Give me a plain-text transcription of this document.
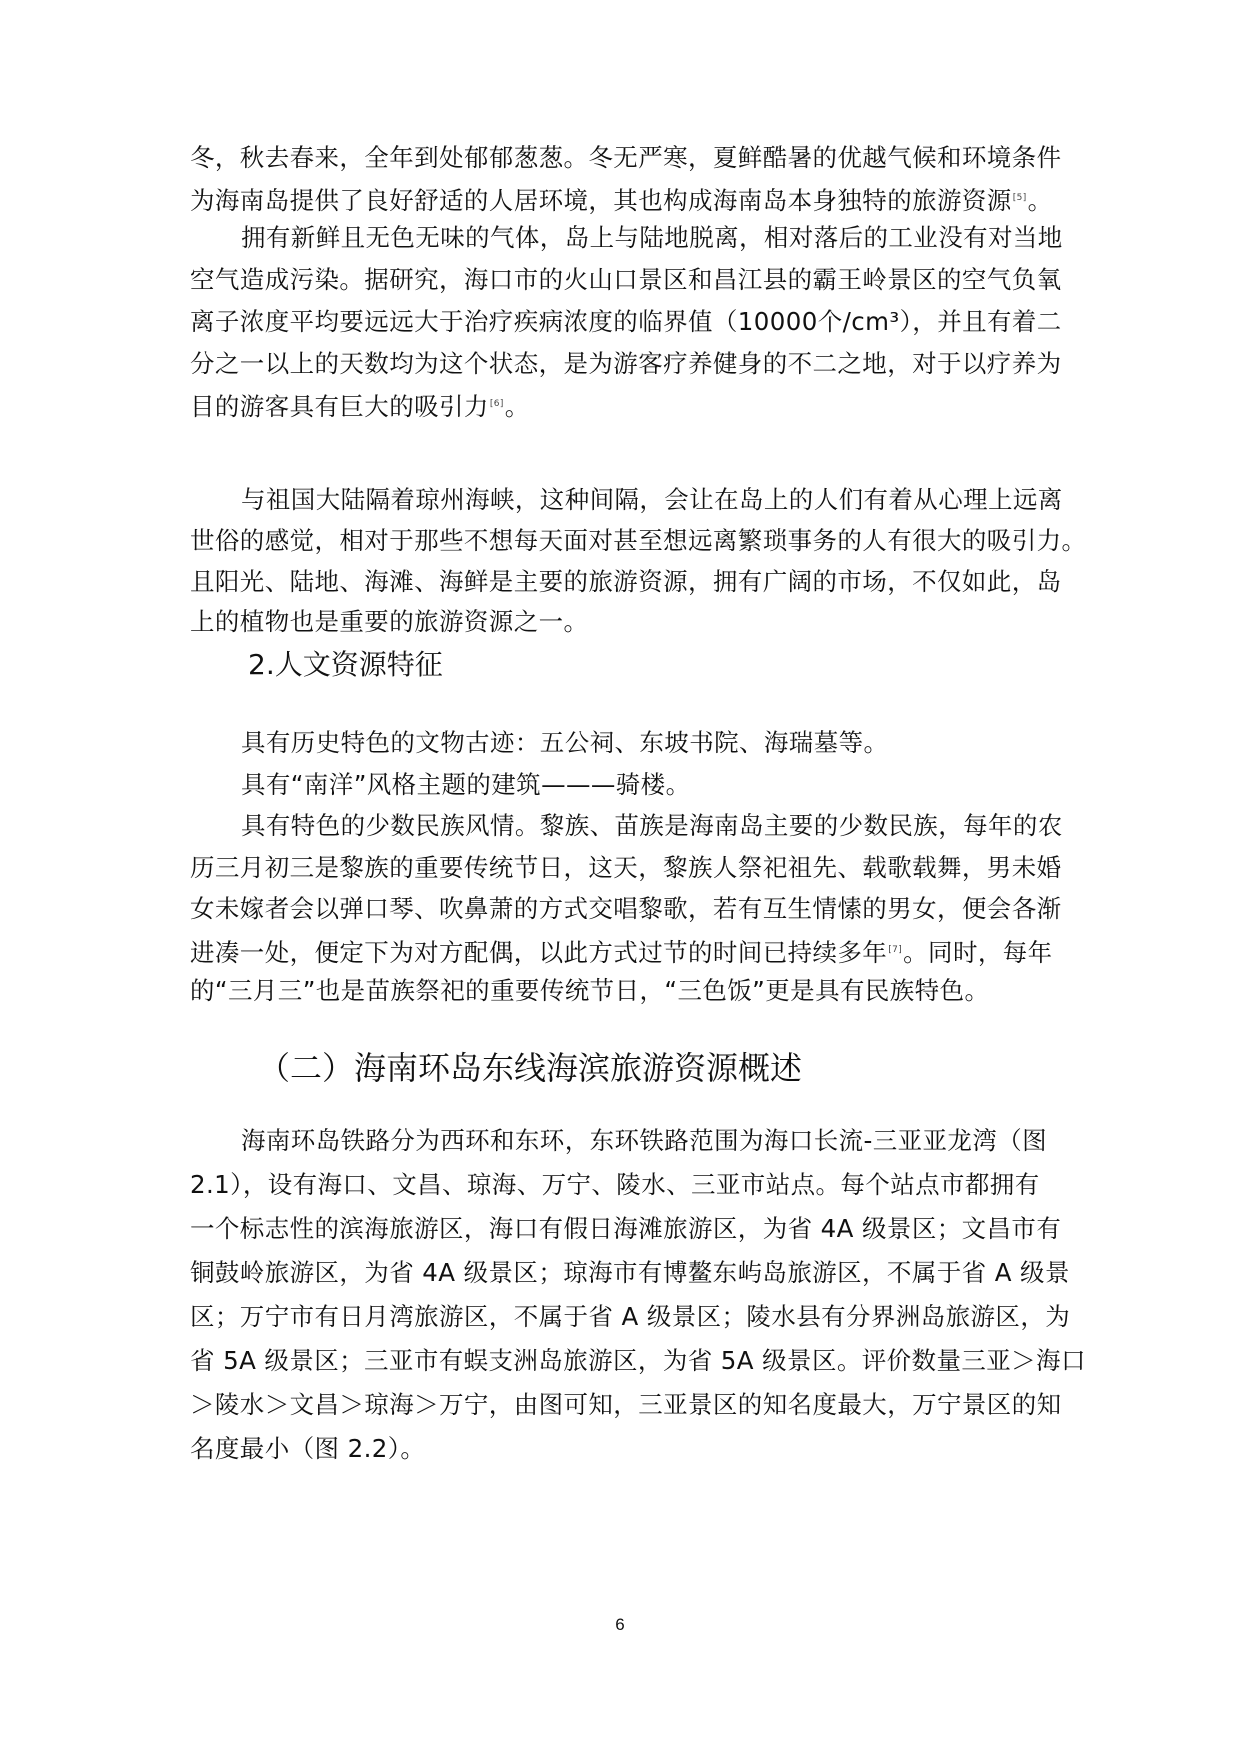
冬，秋去春来，全年到处郁郁葱葱。冬无严寒，夏鲜酷暑的优越气候和环境条件
为海南岛提供了良好舒适的人居环境，其也构成海南岛本身独特的旅游资源[5]。
拥有新鲜且无色无味的气体，岛上与陆地脱离，相对落后的工业没有对当地
空气造成污染。据研究，海口市的火山口景区和昌江县的霸王岭景区的空气负氧
离子浓度平均要远远大于治疗疾病浓度的临界值（10000个/cm³），并且有着二
分之一以上的天数均为这个状态，是为游客疗养健身的不二之地，对于以疗养为
目的游客具有巨大的吸引力[6]。
与祖国大陆隔着琼州海峡，这种间隔，会让在岛上的人们有着从心理上远离
世俗的感觉，相对于那些不想每天面对甚至想远离繁琐事务的人有很大的吸引力。
且阳光、陆地、海滩、海鲜是主要的旅游资源，拥有广阔的市场，不仅如此，岛
上的植物也是重要的旅游资源之一。
2.人文资源特征
具有历史特色的文物古迹：五公祠、东坡书院、海瑞墓等。
具有“南洋”风格主题的建筑———骑楼。
具有特色的少数民族风情。黎族、苗族是海南岛主要的少数民族，每年的农
历三月初三是黎族的重要传统节日，这天，黎族人祭祀祖先、载歌载舞，男未婚
女未嫁者会以弹口琴、吹鼻萧的方式交唱黎歌，若有互生情愫的男女，便会各渐
进凑一处，便定下为对方配偶，以此方式过节的时间已持续多年[7]。同时，每年
的“三月三”也是苗族祭祀的重要传统节日，“三色饭”更是具有民族特色。
（二）海南环岛东线海滨旅游资源概述
海南环岛铁路分为西环和东环，东环铁路范围为海口长流-三亚亚龙湾（图
2.1），设有海口、文昌、琼海、万宁、陵水、三亚市站点。每个站点市都拥有
一个标志性的滨海旅游区，海口有假日海滩旅游区，为省 4A 级景区；文昌市有
铜鼓岭旅游区，为省 4A 级景区；琼海市有博鳌东屿岛旅游区，不属于省 A 级景
区；万宁市有日月湾旅游区，不属于省 A 级景区；陵水县有分界洲岛旅游区，为
省 5A 级景区；三亚市有蜈支洲岛旅游区，为省 5A 级景区。评价数量三亚＞海口
＞陵水＞文昌＞琼海＞万宁，由图可知，三亚景区的知名度最大，万宁景区的知
名度最小（图 2.2）。
6
